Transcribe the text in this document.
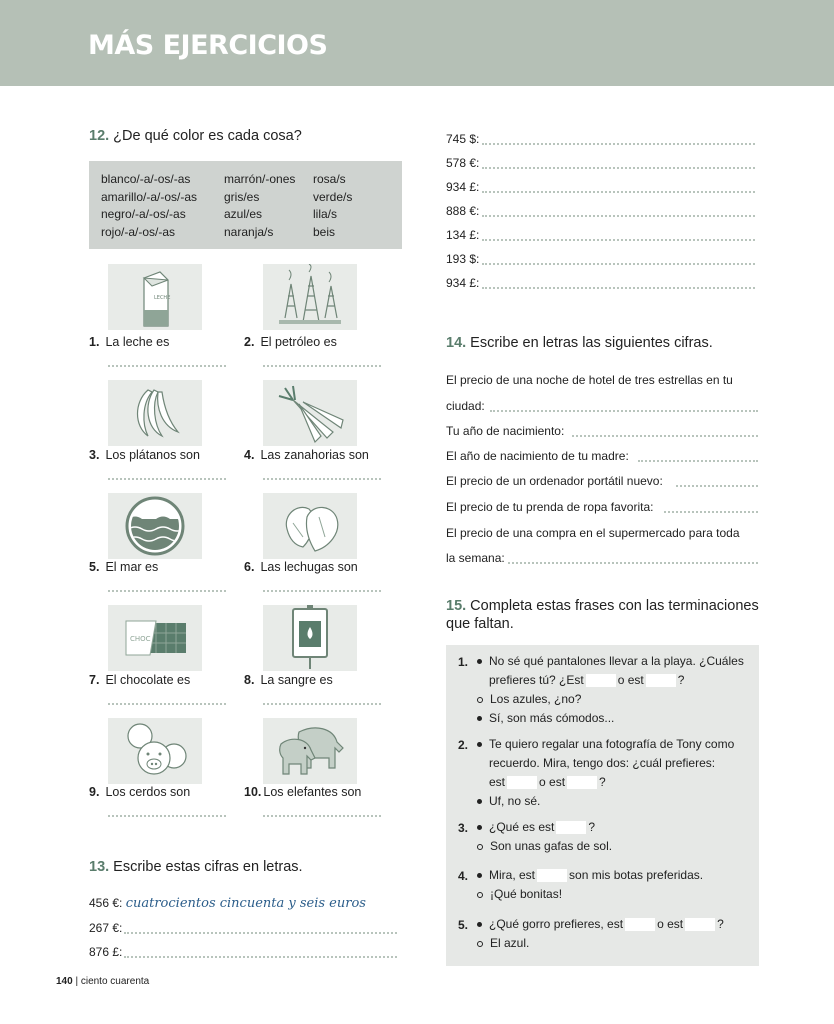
MÁS EJERCICIOS
12. ¿De qué color es cada cosa?
blanco/-a/-os/-as
amarillo/-a/-os/-as
negro/-a/-os/-as
rojo/-a/-os/-as
marrón/-ones
gris/es
azul/es
naranja/s
rosa/s
verde/s
lila/s
beis
LECHE
1. La leche es	2. El petróleo es
3. Los plátanos son	4. Las zanahorias son
5. El mar es	6. Las lechugas son
CHOC
7. El chocolate es	8. La sangre es
9. Los cerdos son	10. Los elefantes son
13. Escribe estas cifras en letras.
456 €: cuatrocientos cincuenta y seis euros
267 €:
876 £:
745 $:
578 €:
934 £:
888 €:
134 £:
193 $:
934 £:
14. Escribe en letras las siguientes cifras.
El precio de una noche de hotel de tres estrellas en tu
ciudad:
Tu año de nacimiento:
El año de nacimiento de tu madre:
El precio de un ordenador portátil nuevo:
El precio de tu prenda de ropa favorita:
El precio de una compra en el supermercado para toda
la semana:
15. Completa estas frases con las terminaciones
que faltan.
1.	No sé qué pantalones llevar a la playa. ¿Cuáles
prefieres tú? ¿Est	o est	?
Los azules, ¿no?
Sí, son más cómodos...
2.	Te quiero regalar una fotografía de Tony como
recuerdo. Mira, tengo dos: ¿cuál prefieres:
est	o est	?
Uf, no sé.
3.	¿Qué es est	?
Son unas gafas de sol.
4.	Mira, est	son mis botas preferidas.
¡Qué bonitas!
5.	¿Qué gorro prefieres, est	o est	?
El azul.
140 | ciento cuarenta
